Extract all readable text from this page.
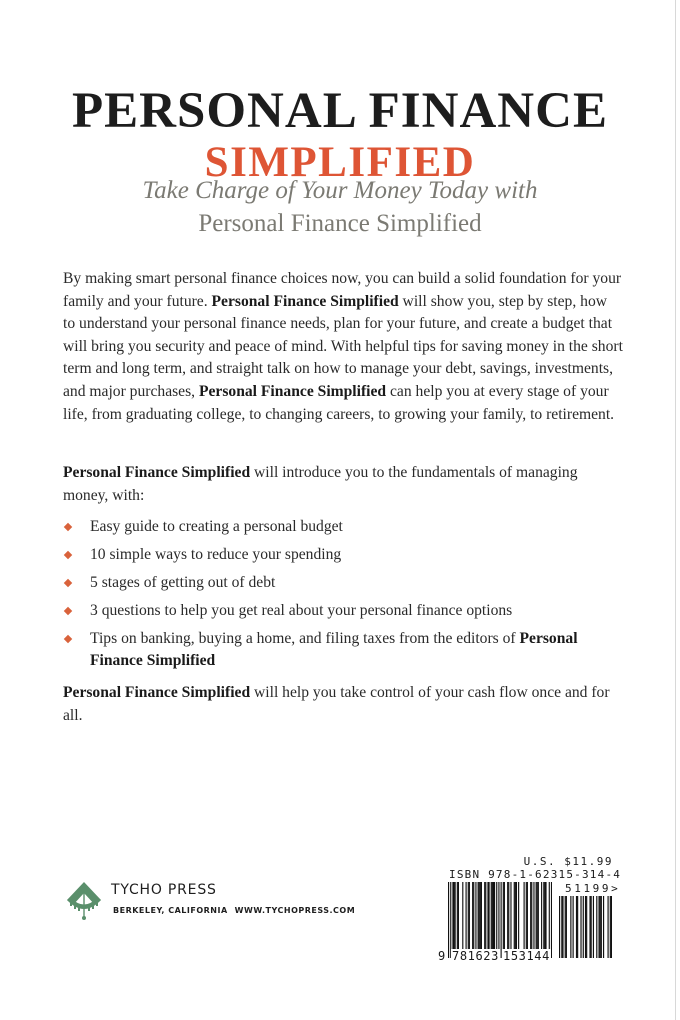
PERSONAL FINANCE
SIMPLIFIED
Take Charge of Your Money Today with
Personal Finance Simplified
By making smart personal finance choices now, you can build a solid foundation for your family and your future. Personal Finance Simplified will show you, step by step, how to understand your personal finance needs, plan for your future, and create a budget that will bring you security and peace of mind. With helpful tips for saving money in the short term and long term, and straight talk on how to manage your debt, savings, investments, and major purchases, Personal Finance Simplified can help you at every stage of your life, from graduating college, to changing careers, to growing your family, to retirement.
Personal Finance Simplified will introduce you to the fundamentals of managing money, with:
Easy guide to creating a personal budget
10 simple ways to reduce your spending
5 stages of getting out of debt
3 questions to help you get real about your personal finance options
Tips on banking, buying a home, and filing taxes from the editors of Personal Finance Simplified
Personal Finance Simplified will help you take control of your cash flow once and for all.
TYCHO PRESS
BERKELEY, CALIFORNIA WWW.TYCHOPRESS.COM
U.S. $11.99
ISBN 978-1-62315-314-4
51199>
9 781623 153144
